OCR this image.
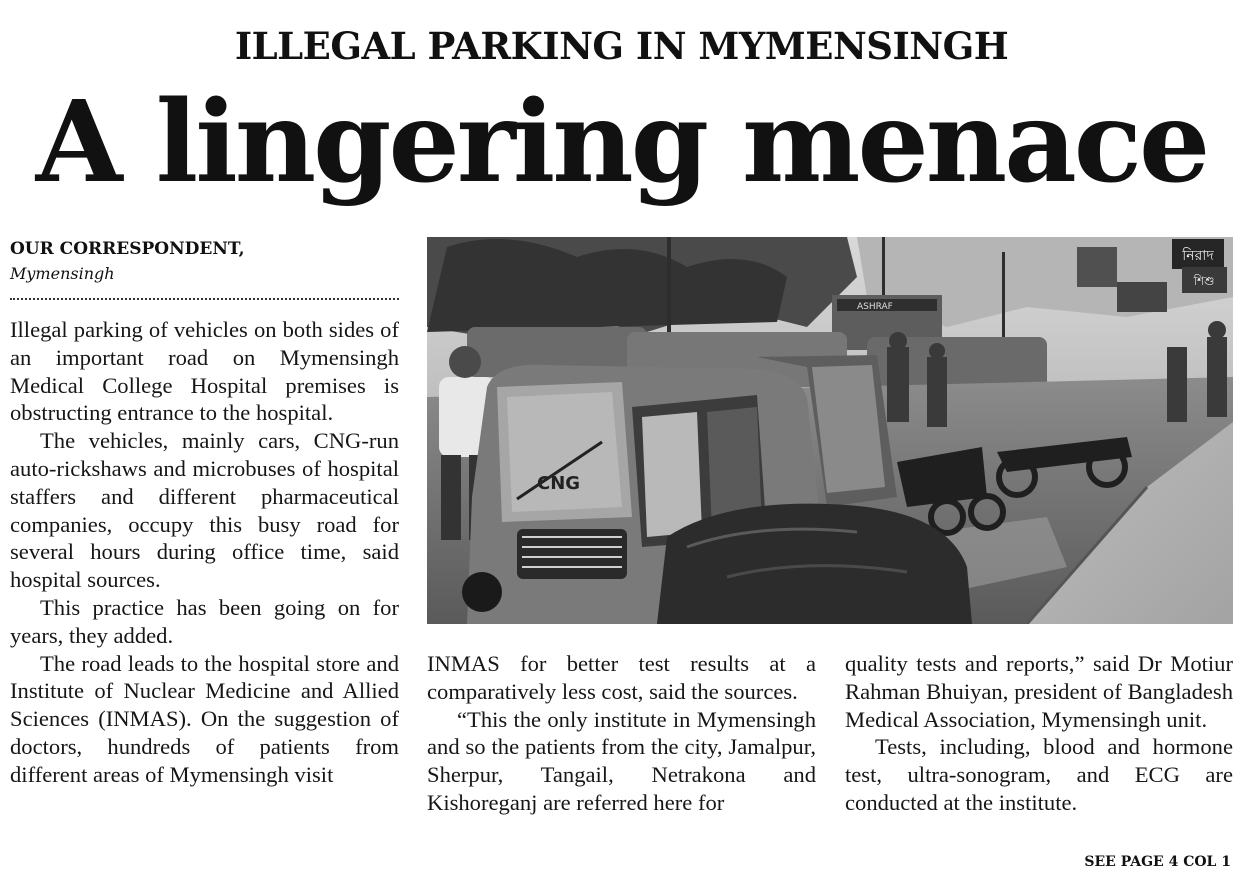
ILLEGAL PARKING IN MYMENSINGH
A lingering menace
OUR CORRESPONDENT,
Mymensingh

Illegal parking of vehicles on both sides of an important road on Mymensingh Medical College Hospital premises is obstructing entrance to the hospital.

The vehicles, mainly cars, CNG-run auto-rickshaws and microbuses of hospital staffers and different pharmaceutical companies, occupy this busy road for several hours during office time, said hospital sources.

This practice has been going on for years, they added.

The road leads to the hospital store and Institute of Nuclear Medicine and Allied Sciences (INMAS). On the suggestion of doctors, hundreds of patients from different areas of Mymensingh visit

নিরাদ
শিশু
ASHRAF
CNG

INMAS for better test results at a comparatively less cost, said the sources.

“This the only institute in Mymensingh and so the patients from the city, Jamalpur, Sherpur, Tangail, Netrakona and Kishoreganj are referred here for

quality tests and reports,” said Dr Motiur Rahman Bhuiyan, president of Bangladesh Medical Association, Mymensingh unit.

Tests, including, blood and hormone test, ultra-sonogram, and ECG are conducted at the institute.

SEE PAGE 4 COL 1
